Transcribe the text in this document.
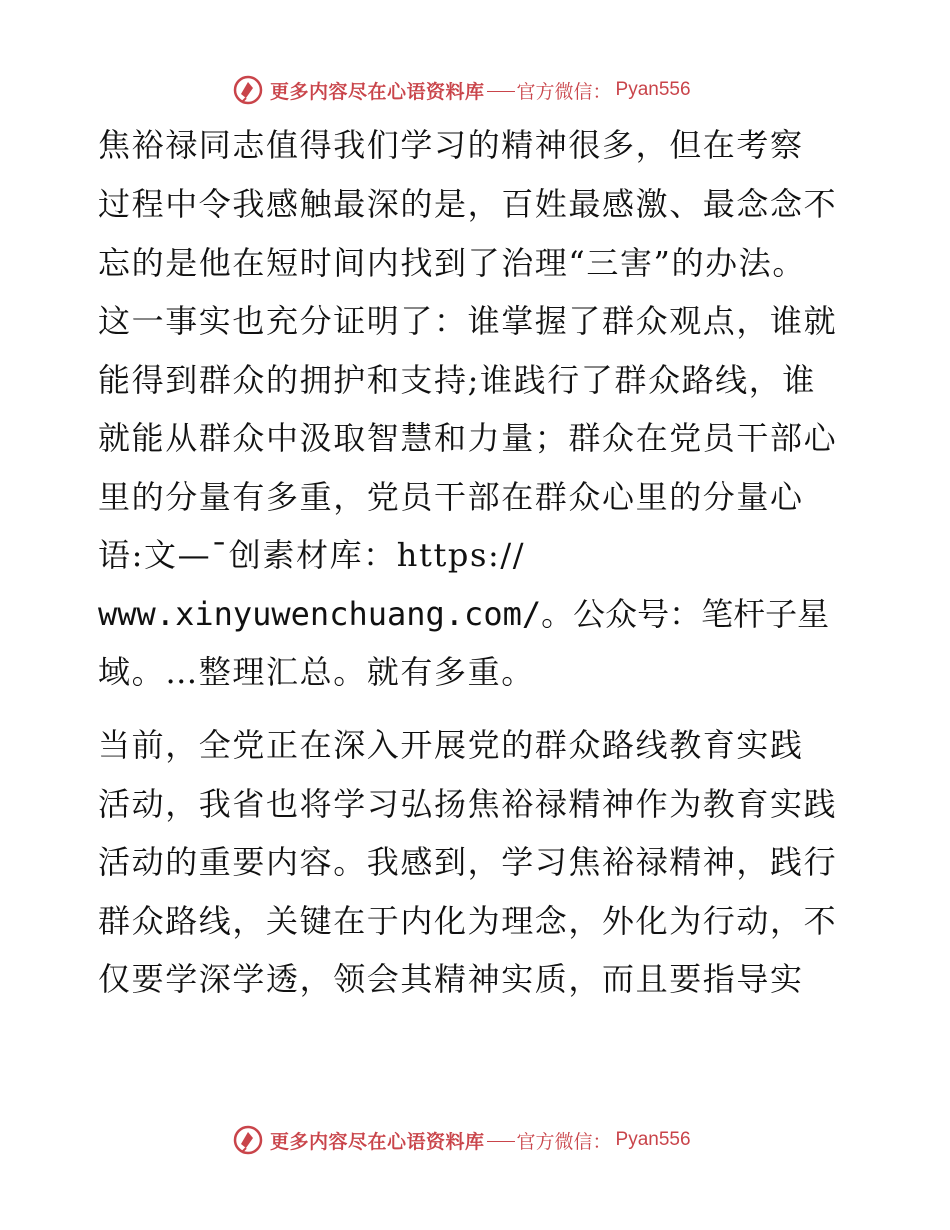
更多内容尽在心语资料库 官方微信： Pyan556
焦裕禄同志值得我们学习的精神很多，但在考察
过程中令我感触最深的是，百姓最感激、最念念不
忘的是他在短时间内找到了治理“三害”的办法。
这一事实也充分证明了：谁掌握了群众观点，谁就
能得到群众的拥护和支持;谁践行了群众路线，谁
就能从群众中汲取智慧和力量；群众在党员干部心
里的分量有多重，党员干部在群众心里的分量心
语:文—¯创素材库：https://
www.xinyuwenchuang.com/。公众号：笔杆子星
域。…整理汇总。就有多重。
当前，全党正在深入开展党的群众路线教育实践
活动，我省也将学习弘扬焦裕禄精神作为教育实践
活动的重要内容。我感到，学习焦裕禄精神，践行
群众路线，关键在于内化为理念，外化为行动，不
仅要学深学透，领会其精神实质，而且要指导实
更多内容尽在心语资料库 官方微信： Pyan556
